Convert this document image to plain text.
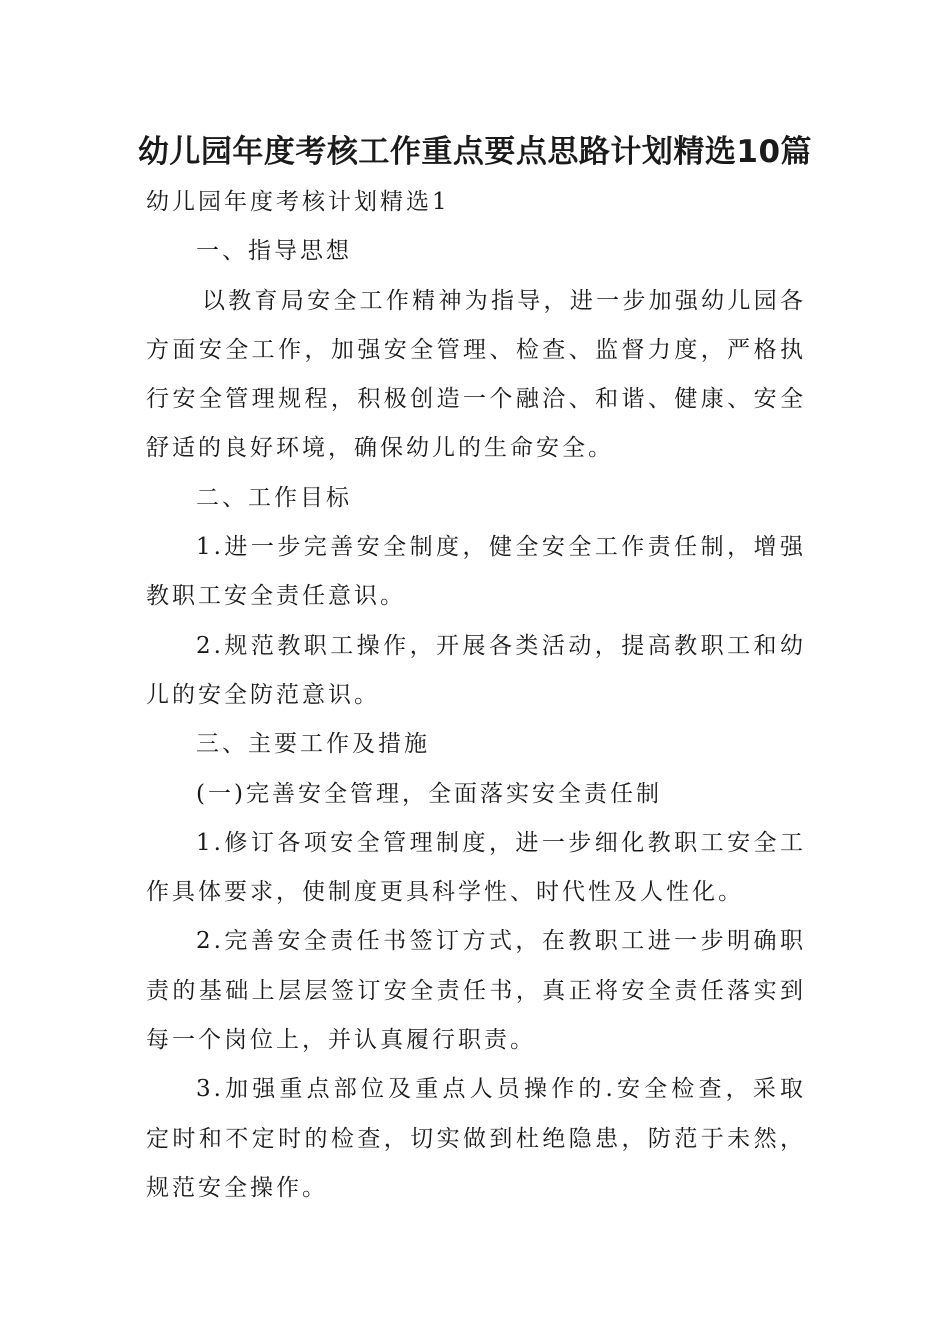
幼儿园年度考核工作重点要点思路计划精选10篇

幼儿园年度考核计划精选1

一、指导思想

以教育局安全工作精神为指导，进一步加强幼儿园各方面安全工作，加强安全管理、检查、监督力度，严格执行安全管理规程，积极创造一个融洽、和谐、健康、安全舒适的良好环境，确保幼儿的生命安全。

二、工作目标

1.进一步完善安全制度，健全安全工作责任制，增强教职工安全责任意识。

2.规范教职工操作，开展各类活动，提高教职工和幼儿的安全防范意识。

三、主要工作及措施

(一)完善安全管理，全面落实安全责任制

1.修订各项安全管理制度，进一步细化教职工安全工作具体要求，使制度更具科学性、时代性及人性化。

2.完善安全责任书签订方式，在教职工进一步明确职责的基础上层层签订安全责任书，真正将安全责任落实到每一个岗位上，并认真履行职责。

3.加强重点部位及重点人员操作的.安全检查，采取定时和不定时的检查，切实做到杜绝隐患，防范于未然，规范安全操作。
